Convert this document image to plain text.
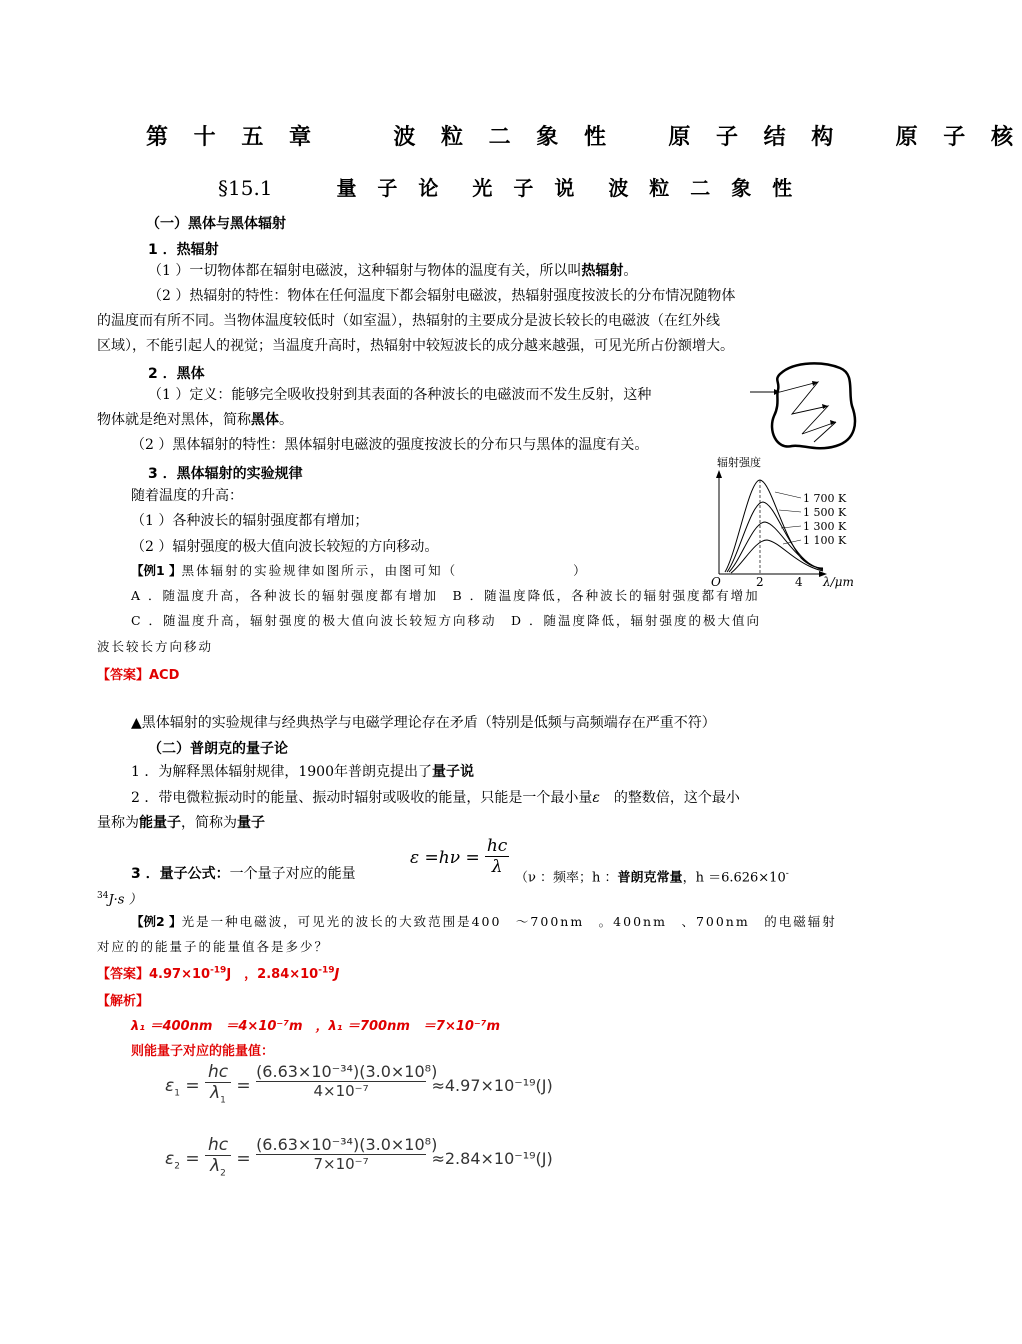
第 十 五 章	波 粒 二 象 性 原 子 结 构 原 子 核
§15.1	量 子 论　光 子 说　波 粒 二 象 性
（一）黑体与黑体辐射
1 ．热辐射
（1 ）一切物体都在辐射电磁波，这种辐射与物体的温度有关，所以叫热辐射。
（2 ）热辐射的特性：物体在任何温度下都会辐射电磁波，热辐射强度按波长的分布情况随物体
的温度而有所不同。当物体温度较低时（如室温），热辐射的主要成分是波长较长的电磁波（在红外线
区域），不能引起人的视觉；当温度升高时，热辐射中较短波长的成分越来越强，可见光所占份额增大。
2 ．黑体
（1 ）定义：能够完全吸收投射到其表面的各种波长的电磁波而不发生反射，这种
物体就是绝对黑体，简称黑体。
（2 ）黑体辐射的特性：黑体辐射电磁波的强度按波长的分布只与黑体的温度有关。
3 ．黑体辐射的实验规律
随着温度的升高：
（1 ）各种波长的辐射强度都有增加；
（2 ）辐射强度的极大值向波长较短的方向移动。
辐射强度
O	2	4 λ/μm
1 700 K
1 500 K
1 300 K
1 100 K
【例1 】黑体辐射的实验规律如图所示，由图可知（　　　　　　　　）
A ．随温度升高，各种波长的辐射强度都有增加　B ．随温度降低，各种波长的辐射强度都有增加
C ．随温度升高，辐射强度的极大值向波长较短方向移动　D ．随温度降低，辐射强度的极大值向
波长较长方向移动
【答案】ACD
▲黑体辐射的实验规律与经典热学与电磁学理论存在矛盾（特别是低频与高频端存在严重不符）
（二）普朗克的量子论
1 ．为解释黑体辐射规律，1900年普朗克提出了量子说
2 ．带电微粒振动时的能量、振动时辐射或吸收的能量，只能是一个最小量ε　 的整数倍，这个最小
量称为能量子，简称为量子
3 ．量子公式：一个量子对应的能量
$\varepsilon =h\nu = \frac{hc}{\lambda}$
（ν ：频率；h ：普朗克常量，h ＝6.626×10-
$^{34}$J·s ）
【例2 】光是一种电磁波，可见光的波长的大致范围是400　～700nm　。400nm　、700nm　的电磁辐射
对应的的能量子的能量值各是多少？
【答案】$4.97\times 10^{-19}J$　，$2.84\times 10^{-19}J$
【解析】
λ₁ ＝400nm　＝4×10⁻⁷m　，λ₁ ＝700nm　＝7×10⁻⁷m
则能量子对应的能量值：
$\varepsilon_1 = \frac{hc}{\lambda_1} = \frac{\text{(6.63×10⁻³⁴)(3.0×10⁸)}}{\text{4×10⁻⁷}} \approx 4.97\times 10^{-19}(J)$
$\varepsilon_2 = \frac{hc}{\lambda_2} = \frac{\text{(6.63×10⁻³⁴)(3.0×10⁸)}}{\text{7×10⁻⁷}} \approx 2.84\times 10^{-19}(J)$
